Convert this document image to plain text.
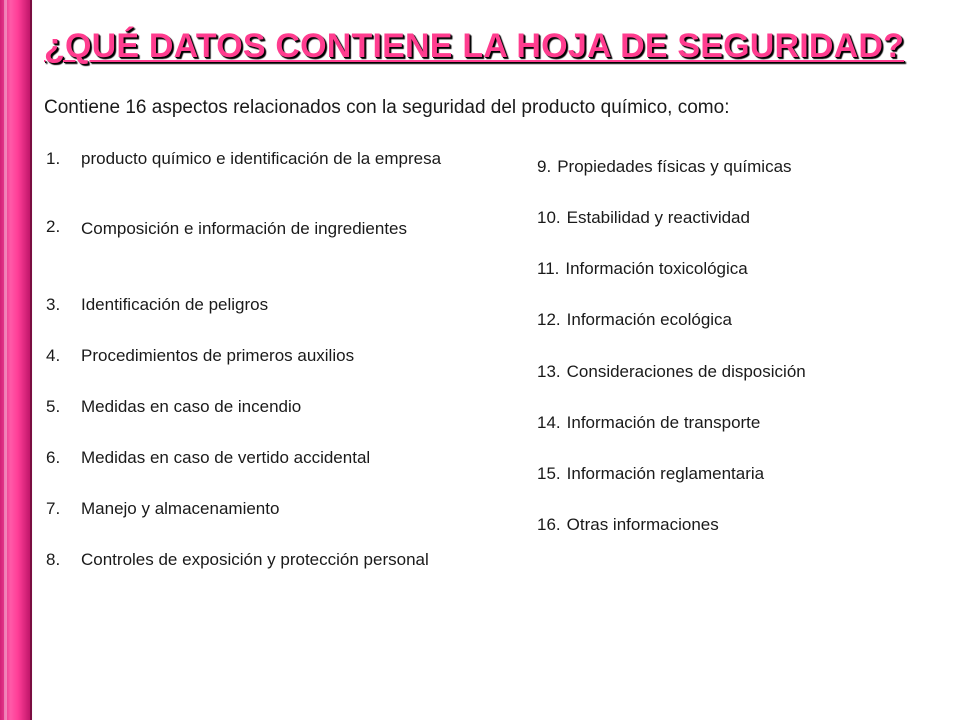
¿QUÉ DATOS CONTIENE LA HOJA DE SEGURIDAD?
Contiene 16 aspectos relacionados con la seguridad del producto químico, como:
1.	producto químico e identificación de la empresa
2.	Composición e información de ingredientes
3.	Identificación de peligros
4.	Procedimientos de primeros auxilios
5.	Medidas en caso de incendio
6.	Medidas en caso de vertido accidental
7.	Manejo y almacenamiento
8.	Controles de exposición y protección personal
9. Propiedades físicas y químicas
10. Estabilidad y reactividad
11. Información toxicológica
12. Información ecológica
13. Consideraciones de disposición
14. Información de transporte
15. Información reglamentaria
16. Otras informaciones
